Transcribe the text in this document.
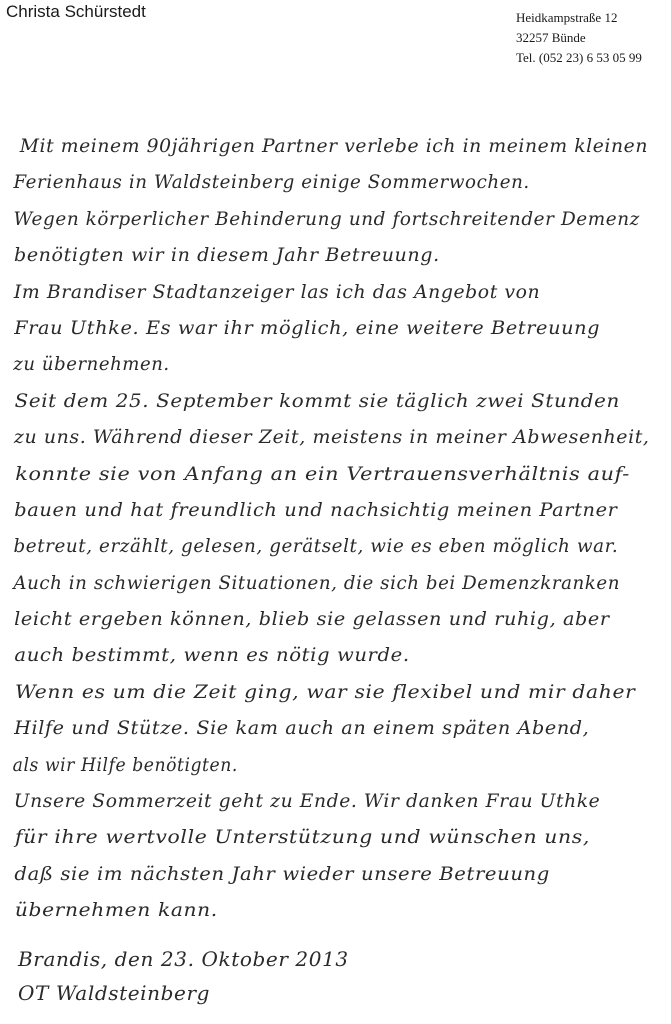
Christa Schürstedt	Heidkampstraße 12
32257 Bünde
Tel. (052 23) 6 53 05 99
Mit meinem 90jährigen Partner verlebe ich in meinem kleinen
Ferienhaus in Waldsteinberg einige Sommerwochen.
Wegen körperlicher Behinderung und fortschreitender Demenz
benötigten wir in diesem Jahr Betreuung.
Im Brandiser Stadtanzeiger las ich das Angebot von
Frau Uthke. Es war ihr möglich, eine weitere Betreuung
zu übernehmen.
Seit dem 25. September kommt sie täglich zwei Stunden
zu uns. Während dieser Zeit, meistens in meiner Abwesenheit,
konnte sie von Anfang an ein Vertrauensverhältnis auf-
bauen und hat freundlich und nachsichtig meinen Partner
betreut, erzählt, gelesen, gerätselt, wie es eben möglich war.
Auch in schwierigen Situationen, die sich bei Demenzkranken
leicht ergeben können, blieb sie gelassen und ruhig, aber
auch bestimmt, wenn es nötig wurde.
Wenn es um die Zeit ging, war sie flexibel und mir daher
Hilfe und Stütze. Sie kam auch an einem späten Abend,
als wir Hilfe benötigten.
Unsere Sommerzeit geht zu Ende. Wir danken Frau Uthke
für ihre wertvolle Unterstützung und wünschen uns,
daß sie im nächsten Jahr wieder unsere Betreuung
übernehmen kann.
Brandis, den 23. Oktober 2013
OT Waldsteinberg
